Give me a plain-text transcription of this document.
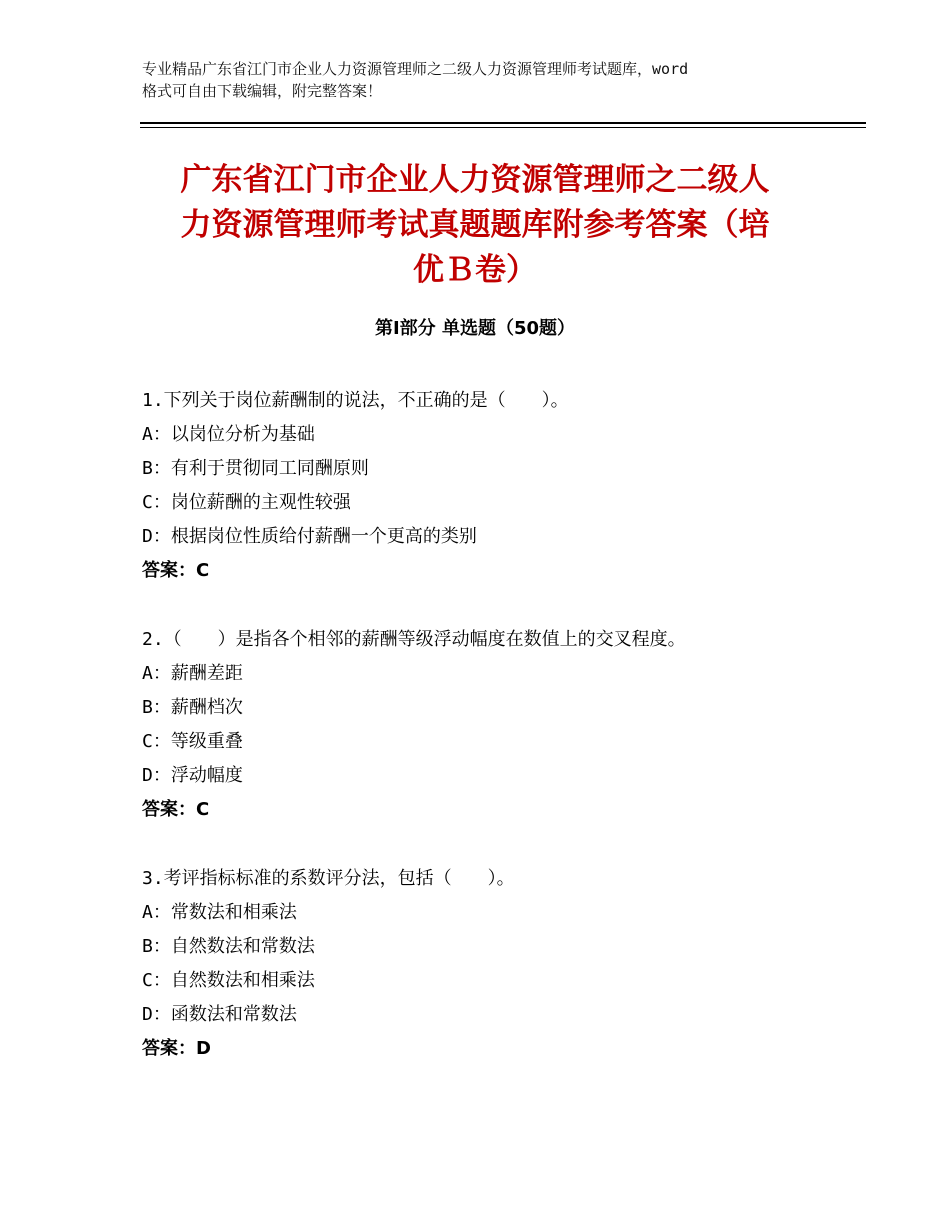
专业精品广东省江门市企业人力资源管理师之二级人力资源管理师考试题库，word
格式可自由下载编辑，附完整答案！
广东省江门市企业人力资源管理师之二级人
力资源管理师考试真题题库附参考答案（培
优Ｂ卷）
第Ⅰ部分 单选题（50题）
1.下列关于岗位薪酬制的说法，不正确的是（　　）。
A：以岗位分析为基础
B：有利于贯彻同工同酬原则
C：岗位薪酬的主观性较强
D：根据岗位性质给付薪酬一个更高的类别
答案：C
2.（　　）是指各个相邻的薪酬等级浮动幅度在数值上的交叉程度。
A：薪酬差距
B：薪酬档次
C：等级重叠
D：浮动幅度
答案：C
3.考评指标标准的系数评分法，包括（　　）。
A：常数法和相乘法
B：自然数法和常数法
C：自然数法和相乘法
D：函数法和常数法
答案：D
